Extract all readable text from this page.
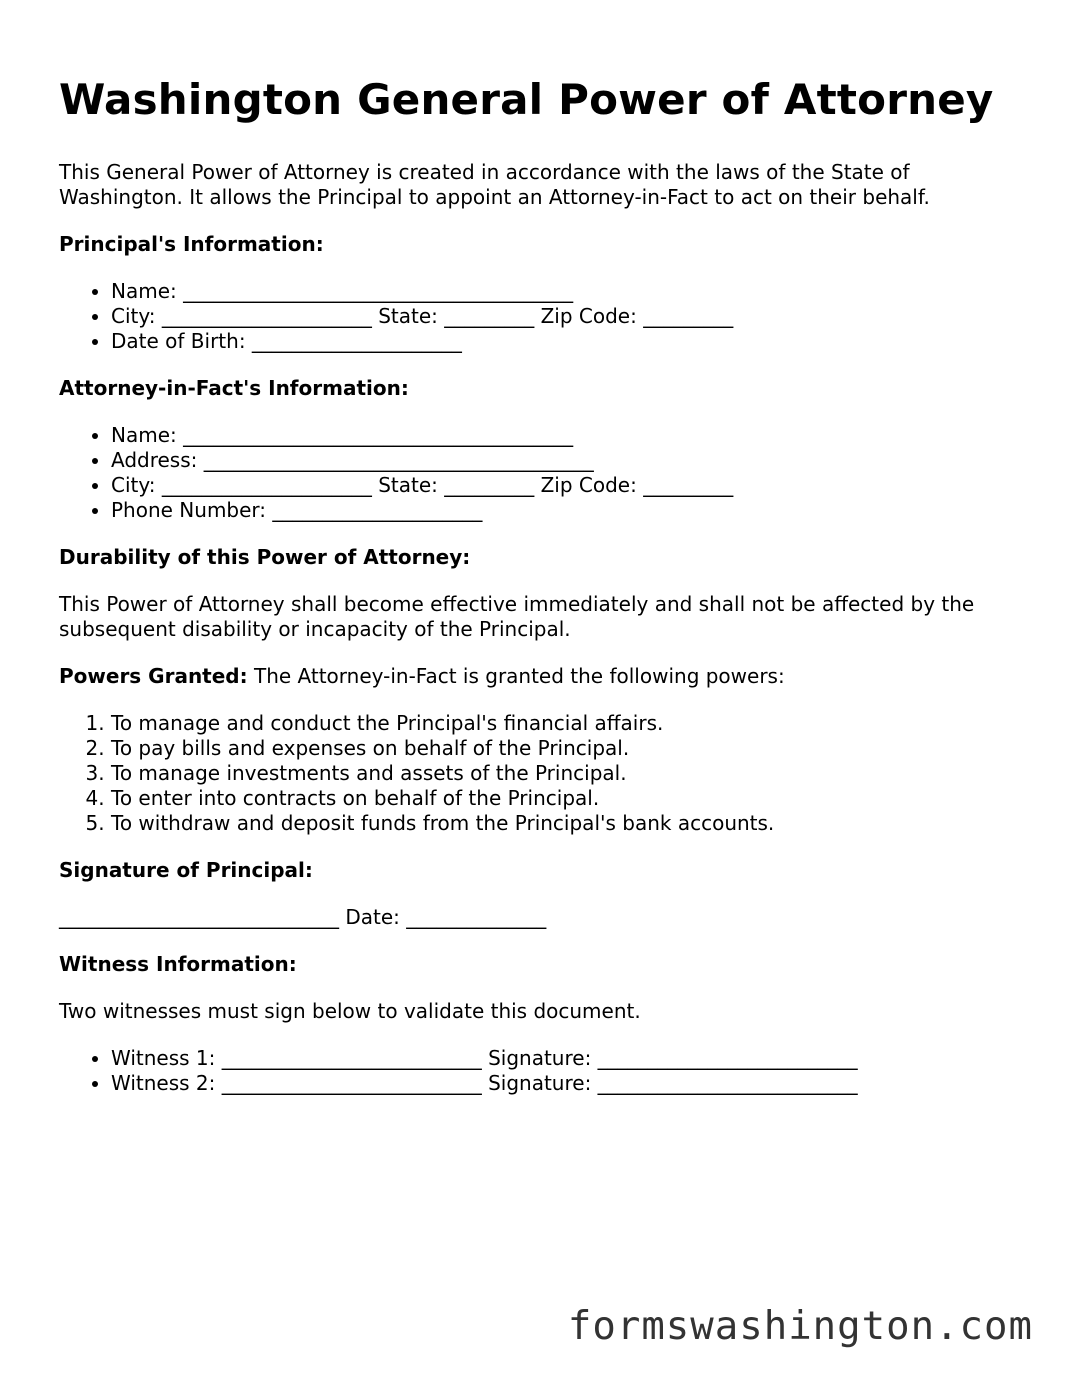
Washington General Power of Attorney

This General Power of Attorney is created in accordance with the laws of the State of Washington. It allows the Principal to appoint an Attorney-in-Fact to act on their behalf.

Principal's Information:
• Name: _______________________________________
• City: _____________________ State: _________ Zip Code: _________
• Date of Birth: _____________________
Attorney-in-Fact's Information:
• Name: _______________________________________
• Address: _______________________________________
• City: _____________________ State: _________ Zip Code: _________
• Phone Number: _____________________
Durability of this Power of Attorney:

This Power of Attorney shall become effective immediately and shall not be affected by the subsequent disability or incapacity of the Principal.

Powers Granted: The Attorney-in-Fact is granted the following powers:

1. To manage and conduct the Principal's financial affairs.
2. To pay bills and expenses on behalf of the Principal.
3. To manage investments and assets of the Principal.
4. To enter into contracts on behalf of the Principal.
5. To withdraw and deposit funds from the Principal's bank accounts.
Signature of Principal:

____________________________ Date: ______________

Witness Information:

Two witnesses must sign below to validate this document.

• Witness 1: __________________________ Signature: __________________________
• Witness 2: __________________________ Signature: __________________________
formswashington.com
